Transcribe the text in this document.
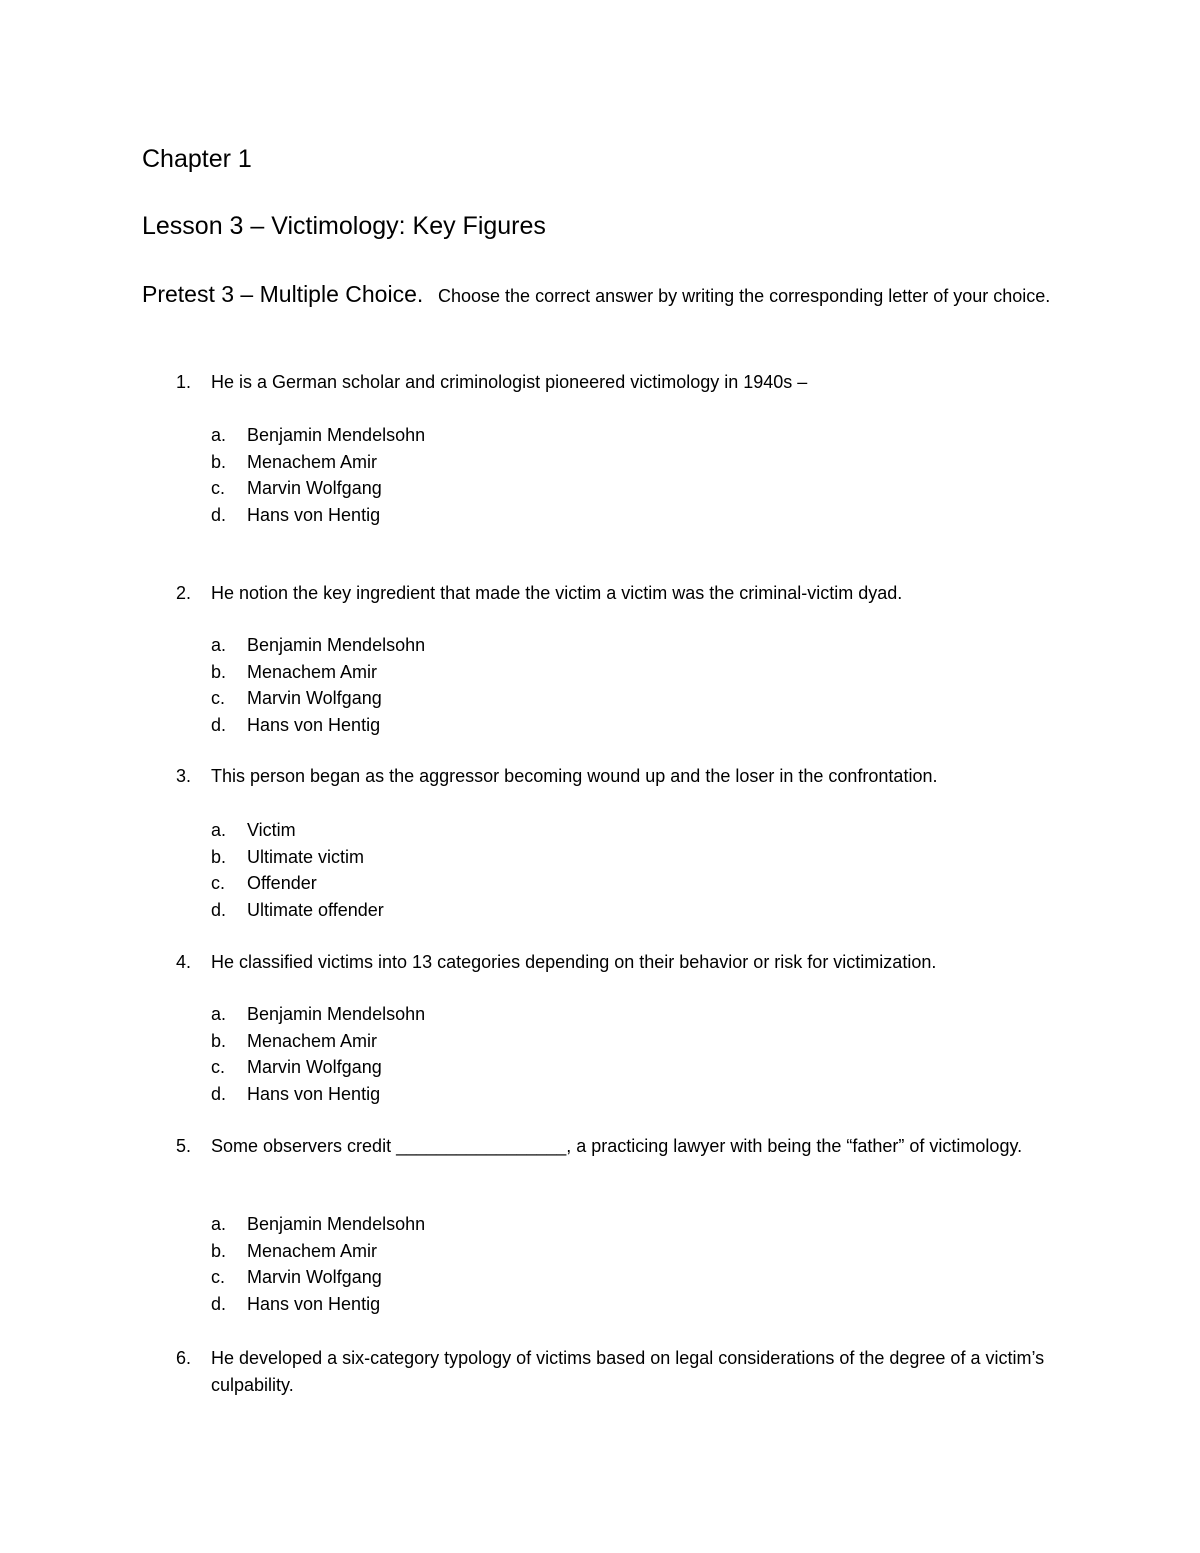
Chapter 1
Lesson 3 – Victimology: Key Figures
Pretest 3 – Multiple Choice. Choose the correct answer by writing the corresponding letter of your choice.
1.	He is a German scholar and criminologist pioneered victimology in 1940s –
a. Benjamin Mendelsohn
b. Menachem Amir
c. Marvin Wolfgang
d. Hans von Hentig
2.	He notion the key ingredient that made the victim a victim was the criminal-victim dyad.
a. Benjamin Mendelsohn
b. Menachem Amir
c. Marvin Wolfgang
d. Hans von Hentig
3.	This person began as the aggressor becoming wound up and the loser in the confrontation.
a. Victim
b. Ultimate victim
c. Offender
d. Ultimate offender
4.	He classified victims into 13 categories depending on their behavior or risk for victimization.
a. Benjamin Mendelsohn
b. Menachem Amir
c. Marvin Wolfgang
d. Hans von Hentig
5.	Some observers credit _________________, a practicing lawyer with being the “father” of victimology.
a. Benjamin Mendelsohn
b. Menachem Amir
c. Marvin Wolfgang
d. Hans von Hentig
6.	He developed a six-category typology of victims based on legal considerations of the degree of a victim’s culpability.
